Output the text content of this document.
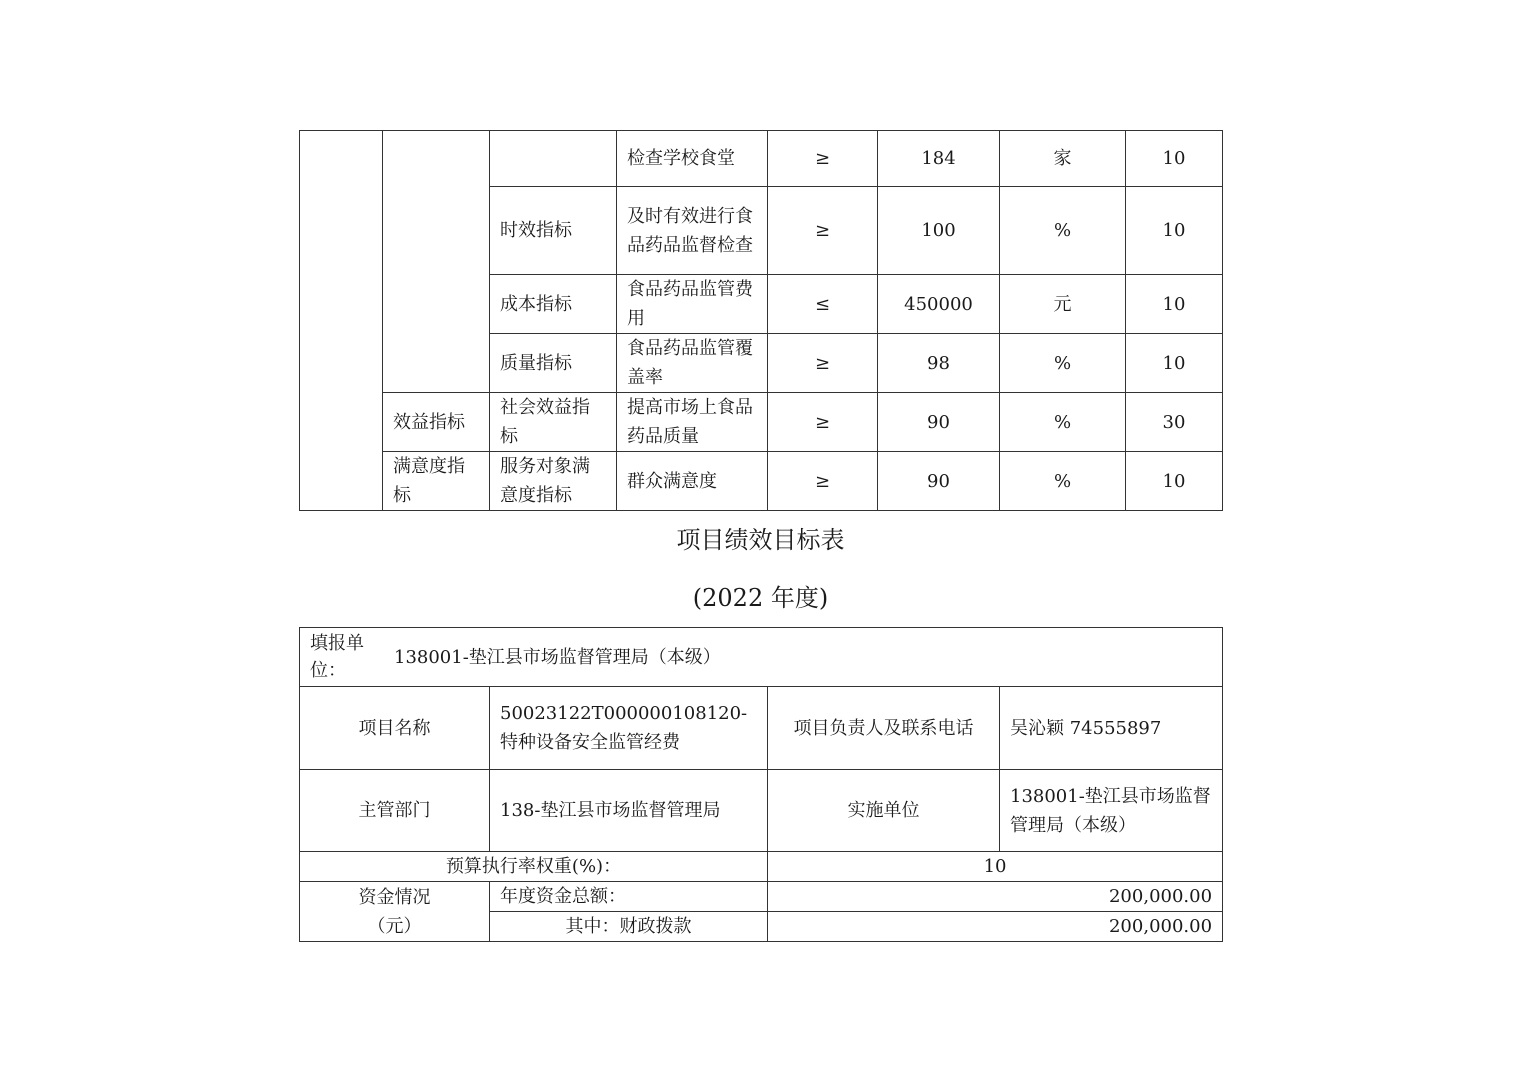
			检查学校食堂	≥	184	家	10
		时效指标	及时有效进行食品药品监督检查	≥	100	%	10
		成本指标	食品药品监管费用	≤	450000	元	10
		质量指标	食品药品监管覆盖率	≥	98	%	10
	效益指标	社会效益指标	提高市场上食品药品质量	≥	90	%	30
	满意度指标	服务对象满意度指标	群众满意度	≥	90	%	10
项目绩效目标表
(2022 年度)
填报单位：
138001-垫江县市场监督管理局（本级）			

项目名称	50023122T000000108120-特种设备安全监管经费	项目负责人及联系电话	吴沁颖 74555897
主管部门	138-垫江县市场监督管理局	实施单位	138001-垫江县市场监督管理局（本级）
预算执行率权重(%)：		10	
资金情况（元）	年度资金总额：	200,000.00	
	其中：财政拨款	200,000.00	
